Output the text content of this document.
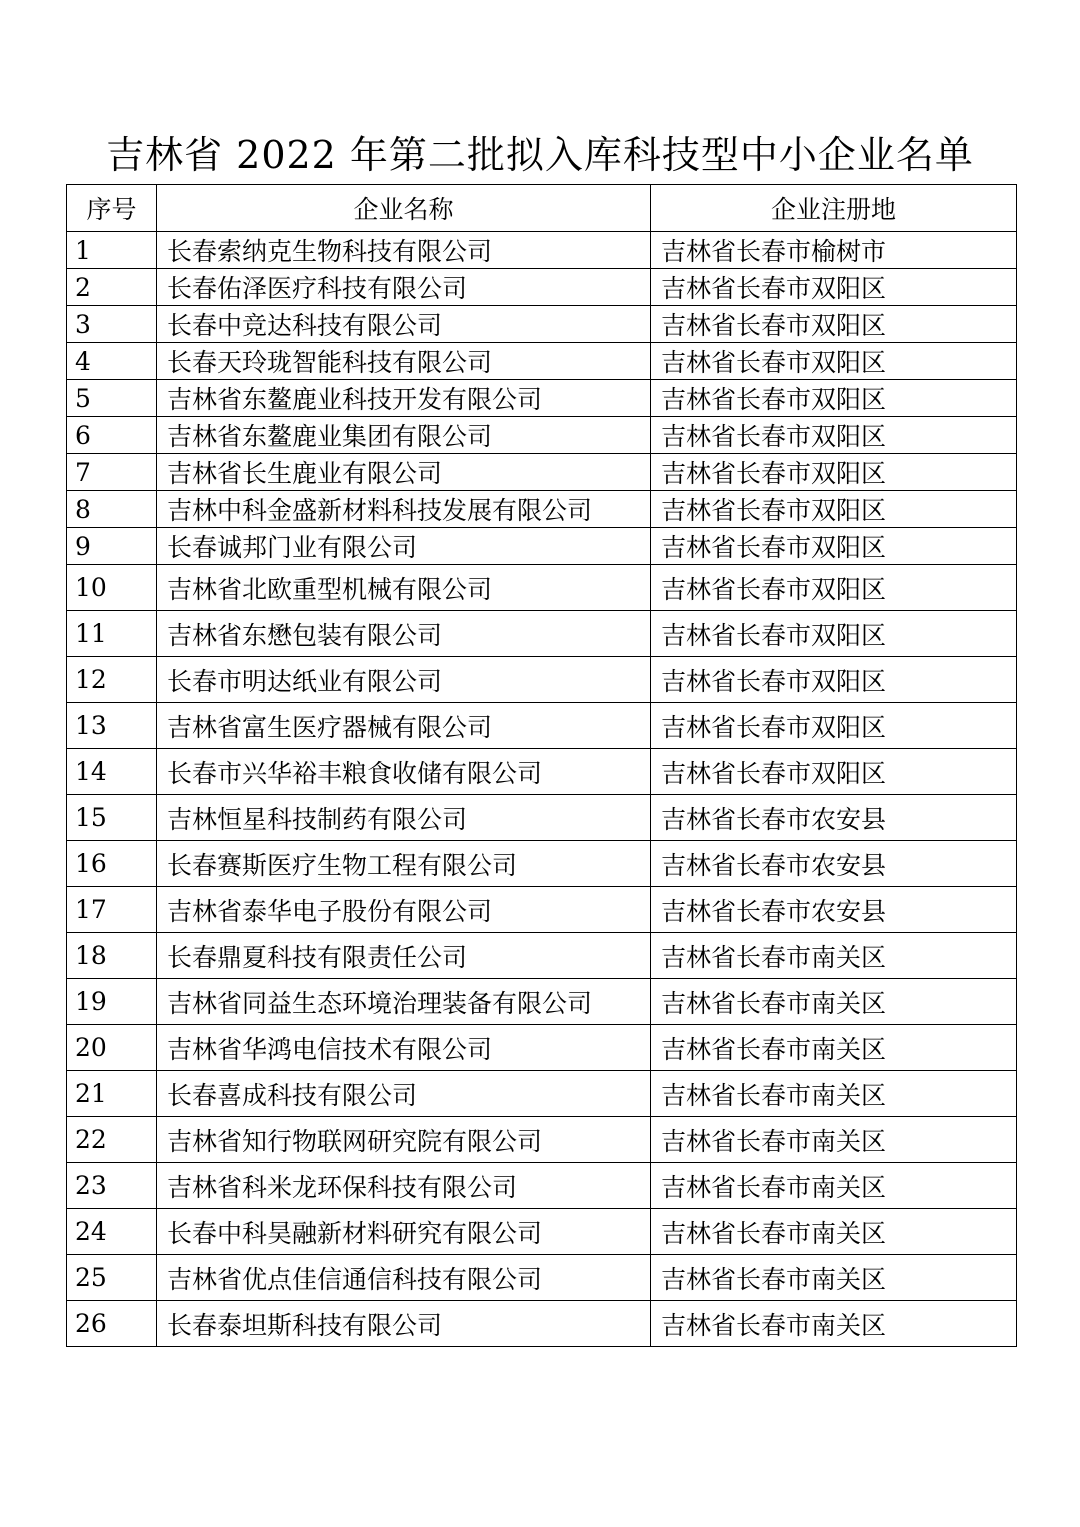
吉林省 2022 年第二批拟入库科技型中小企业名单
序号	企业名称	企业注册地
1	长春索纳克生物科技有限公司	吉林省长春市榆树市
2	长春佑泽医疗科技有限公司	吉林省长春市双阳区
3	长春中竞达科技有限公司	吉林省长春市双阳区
4	长春天玲珑智能科技有限公司	吉林省长春市双阳区
5	吉林省东鳌鹿业科技开发有限公司	吉林省长春市双阳区
6	吉林省东鳌鹿业集团有限公司	吉林省长春市双阳区
7	吉林省长生鹿业有限公司	吉林省长春市双阳区
8	吉林中科金盛新材料科技发展有限公司	吉林省长春市双阳区
9	长春诚邦门业有限公司	吉林省长春市双阳区
10	吉林省北欧重型机械有限公司	吉林省长春市双阳区
11	吉林省东懋包装有限公司	吉林省长春市双阳区
12	长春市明达纸业有限公司	吉林省长春市双阳区
13	吉林省富生医疗器械有限公司	吉林省长春市双阳区
14	长春市兴华裕丰粮食收储有限公司	吉林省长春市双阳区
15	吉林恒星科技制药有限公司	吉林省长春市农安县
16	长春赛斯医疗生物工程有限公司	吉林省长春市农安县
17	吉林省泰华电子股份有限公司	吉林省长春市农安县
18	长春鼎夏科技有限责任公司	吉林省长春市南关区
19	吉林省同益生态环境治理装备有限公司	吉林省长春市南关区
20	吉林省华鸿电信技术有限公司	吉林省长春市南关区
21	长春喜成科技有限公司	吉林省长春市南关区
22	吉林省知行物联网研究院有限公司	吉林省长春市南关区
23	吉林省科米龙环保科技有限公司	吉林省长春市南关区
24	长春中科昊融新材料研究有限公司	吉林省长春市南关区
25	吉林省优点佳信通信科技有限公司	吉林省长春市南关区
26	长春泰坦斯科技有限公司	吉林省长春市南关区
